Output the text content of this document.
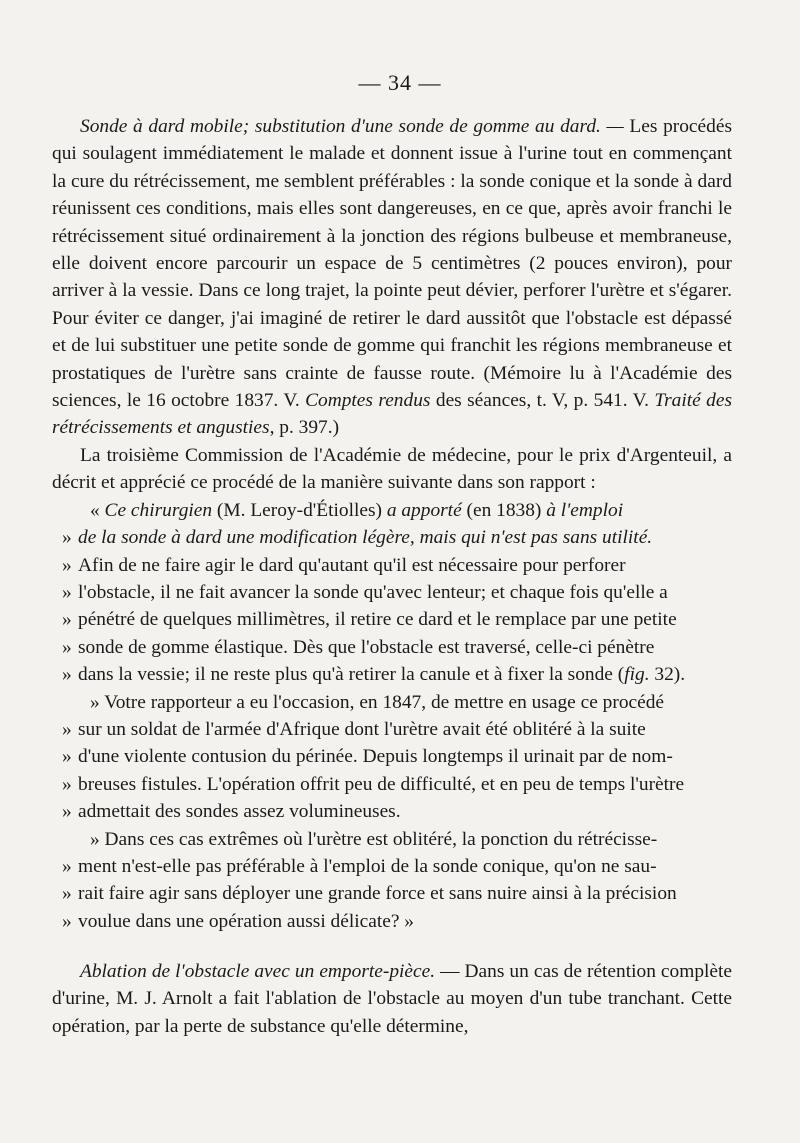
— 34 —

Sonde à dard mobile; substitution d'une sonde de gomme au dard. — Les procédés qui soulagent immédiatement le malade et donnent issue à l'urine tout en commençant la cure du rétrécissement, me semblent préférables : la sonde conique et la sonde à dard réunissent ces conditions, mais elles sont dangereuses, en ce que, après avoir franchi le rétrécissement situé ordinairement à la jonction des régions bulbeuse et membraneuse, elle doivent encore parcourir un espace de 5 centimètres (2 pouces environ), pour arriver à la vessie. Dans ce long trajet, la pointe peut dévier, perforer l'urètre et s'égarer. Pour éviter ce danger, j'ai imaginé de retirer le dard aussitôt que l'obstacle est dépassé et de lui substituer une petite sonde de gomme qui franchit les régions membraneuse et prostatiques de l'urètre sans crainte de fausse route. (Mémoire lu à l'Académie des sciences, le 16 octobre 1837. V. Comptes rendus des séances, t. V, p. 541. V. Traité des rétrécissements et angusties, p. 397.)

La troisième Commission de l'Académie de médecine, pour le prix d'Argenteuil, a décrit et apprécié ce procédé de la manière suivante dans son rapport :

« Ce chirurgien (M. Leroy-d'Étiolles) a apporté (en 1838) à l'emploi

» de la sonde à dard une modification légère, mais qui n'est pas sans utilité.

» Afin de ne faire agir le dard qu'autant qu'il est nécessaire pour perforer

» l'obstacle, il ne fait avancer la sonde qu'avec lenteur; et chaque fois qu'elle a

» pénétré de quelques millimètres, il retire ce dard et le remplace par une petite

» sonde de gomme élastique. Dès que l'obstacle est traversé, celle-ci pénètre

» dans la vessie; il ne reste plus qu'à retirer la canule et à fixer la sonde (fig. 32).

» Votre rapporteur a eu l'occasion, en 1847, de mettre en usage ce procédé

» sur un soldat de l'armée d'Afrique dont l'urètre avait été oblitéré à la suite

» d'une violente contusion du périnée. Depuis longtemps il urinait par de nom-

» breuses fistules. L'opération offrit peu de difficulté, et en peu de temps l'urètre

» admettait des sondes assez volumineuses.

» Dans ces cas extrêmes où l'urètre est oblitéré, la ponction du rétrécisse-

» ment n'est-elle pas préférable à l'emploi de la sonde conique, qu'on ne sau-

» rait faire agir sans déployer une grande force et sans nuire ainsi à la précision

» voulue dans une opération aussi délicate? »

Ablation de l'obstacle avec un emporte-pièce. — Dans un cas de rétention complète d'urine, M. J. Arnolt a fait l'ablation de l'obstacle au moyen d'un tube tranchant. Cette opération, par la perte de substance qu'elle détermine,
